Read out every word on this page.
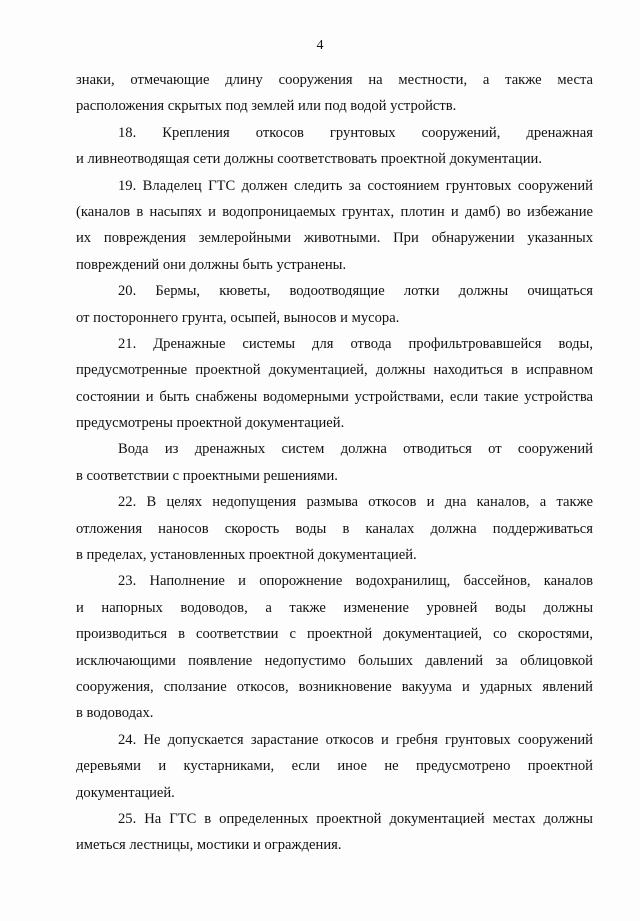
4
знаки, отмечающие длину сооружения на местности, а также места
расположения скрытых под землей или под водой устройств.
18. Крепления откосов грунтовых сооружений, дренажная
и ливнеотводящая сети должны соответствовать проектной документации.
19. Владелец ГТС должен следить за состоянием грунтовых сооружений
(каналов в насыпях и водопроницаемых грунтах, плотин и дамб) во избежание
их повреждения землеройными животными. При обнаружении указанных
повреждений они должны быть устранены.
20. Бермы, кюветы, водоотводящие лотки должны очищаться
от постороннего грунта, осыпей, выносов и мусора.
21. Дренажные системы для отвода профильтровавшейся воды,
предусмотренные проектной документацией, должны находиться в исправном
состоянии и быть снабжены водомерными устройствами, если такие устройства
предусмотрены проектной документацией.
Вода из дренажных систем должна отводиться от сооружений
в соответствии с проектными решениями.
22. В целях недопущения размыва откосов и дна каналов, а также
отложения наносов скорость воды в каналах должна поддерживаться
в пределах, установленных проектной документацией.
23. Наполнение и опорожнение водохранилищ, бассейнов, каналов
и напорных водоводов, а также изменение уровней воды должны
производиться в соответствии с проектной документацией, со скоростями,
исключающими появление недопустимо больших давлений за облицовкой
сооружения, сползание откосов, возникновение вакуума и ударных явлений
в водоводах.
24. Не допускается зарастание откосов и гребня грунтовых сооружений
деревьями и кустарниками, если иное не предусмотрено проектной
документацией.
25. На ГТС в определенных проектной документацией местах должны
иметься лестницы, мостики и ограждения.
